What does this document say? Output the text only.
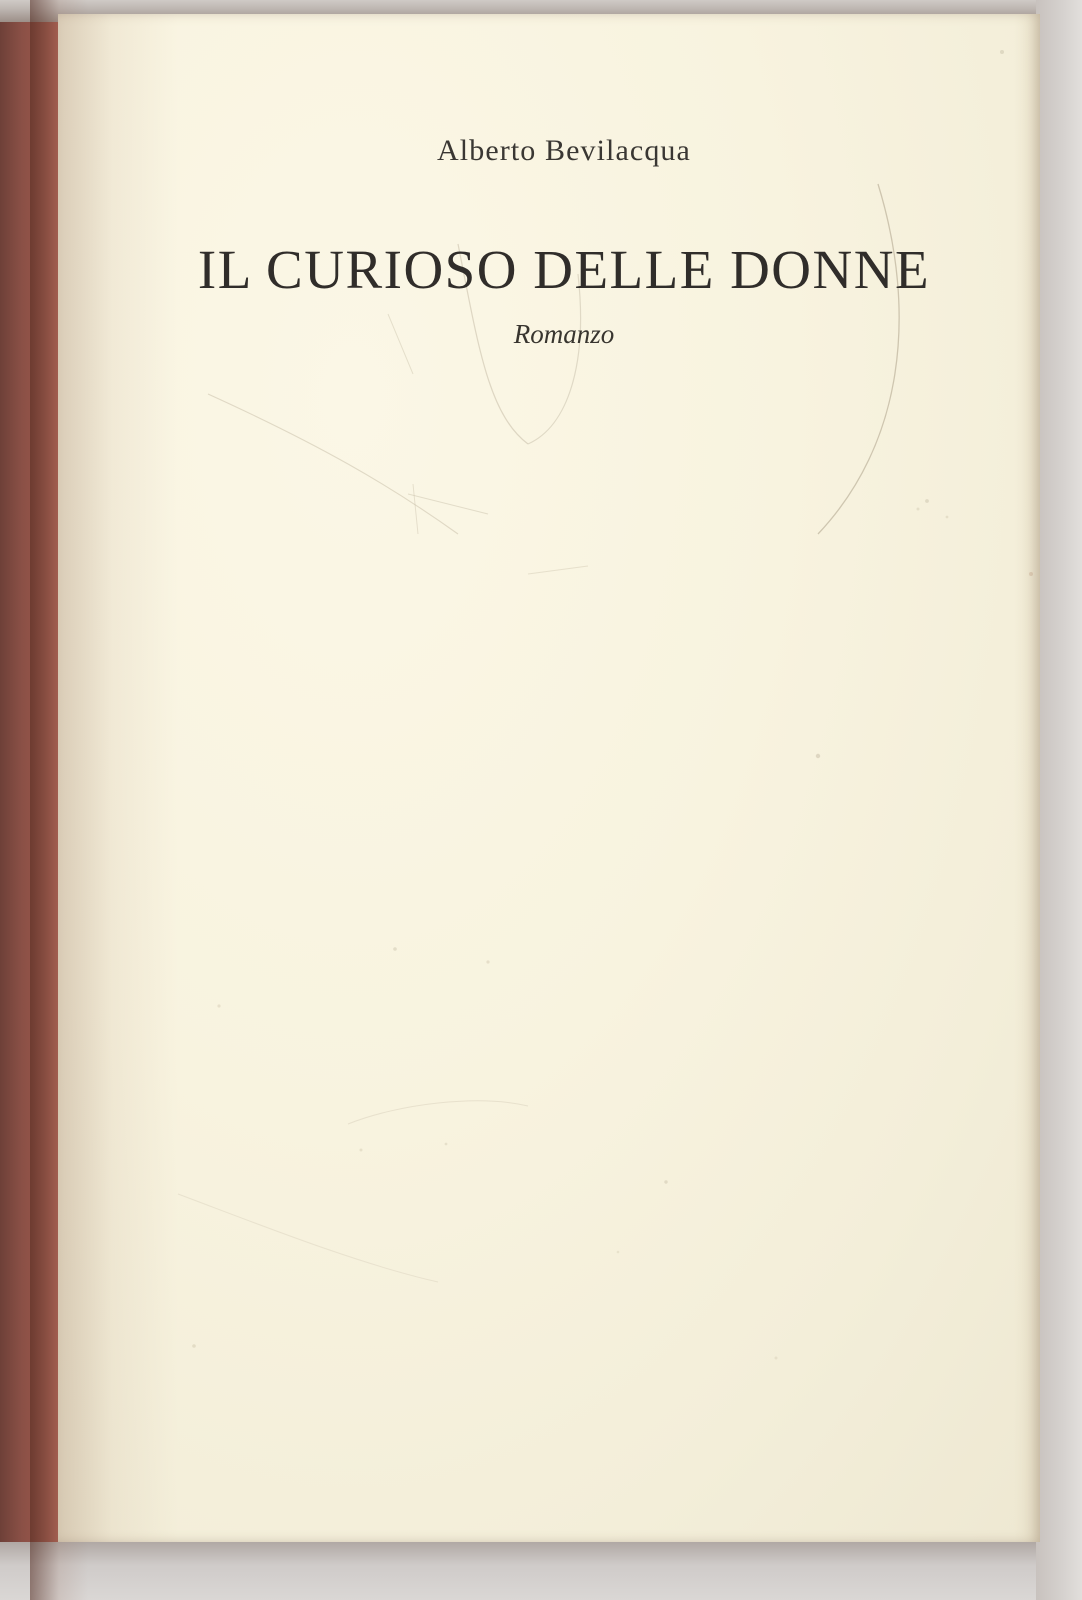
Alberto Bevilacqua

IL CURIOSO DELLE DONNE

Romanzo
